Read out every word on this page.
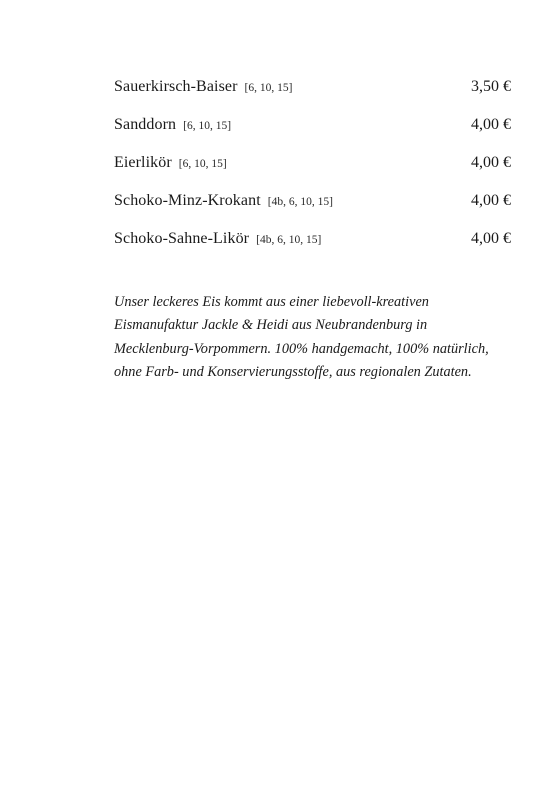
Sauerkirsch-Baiser [6, 10, 15]	3,50 €
Sanddorn [6, 10, 15]	4,00 €
Eierlikör [6, 10, 15]	4,00 €
Schoko-Minz-Krokant [4b, 6, 10, 15]	4,00 €
Schoko-Sahne-Likör [4b, 6, 10, 15]	4,00 €

Unser leckeres Eis kommt aus einer liebevoll-kreativen
Eismanufaktur Jackle & Heidi aus Neubrandenburg in
Mecklenburg-Vorpommern. 100% handgemacht, 100% natürlich,
ohne Farb- und Konservierungsstoffe, aus regionalen Zutaten.
